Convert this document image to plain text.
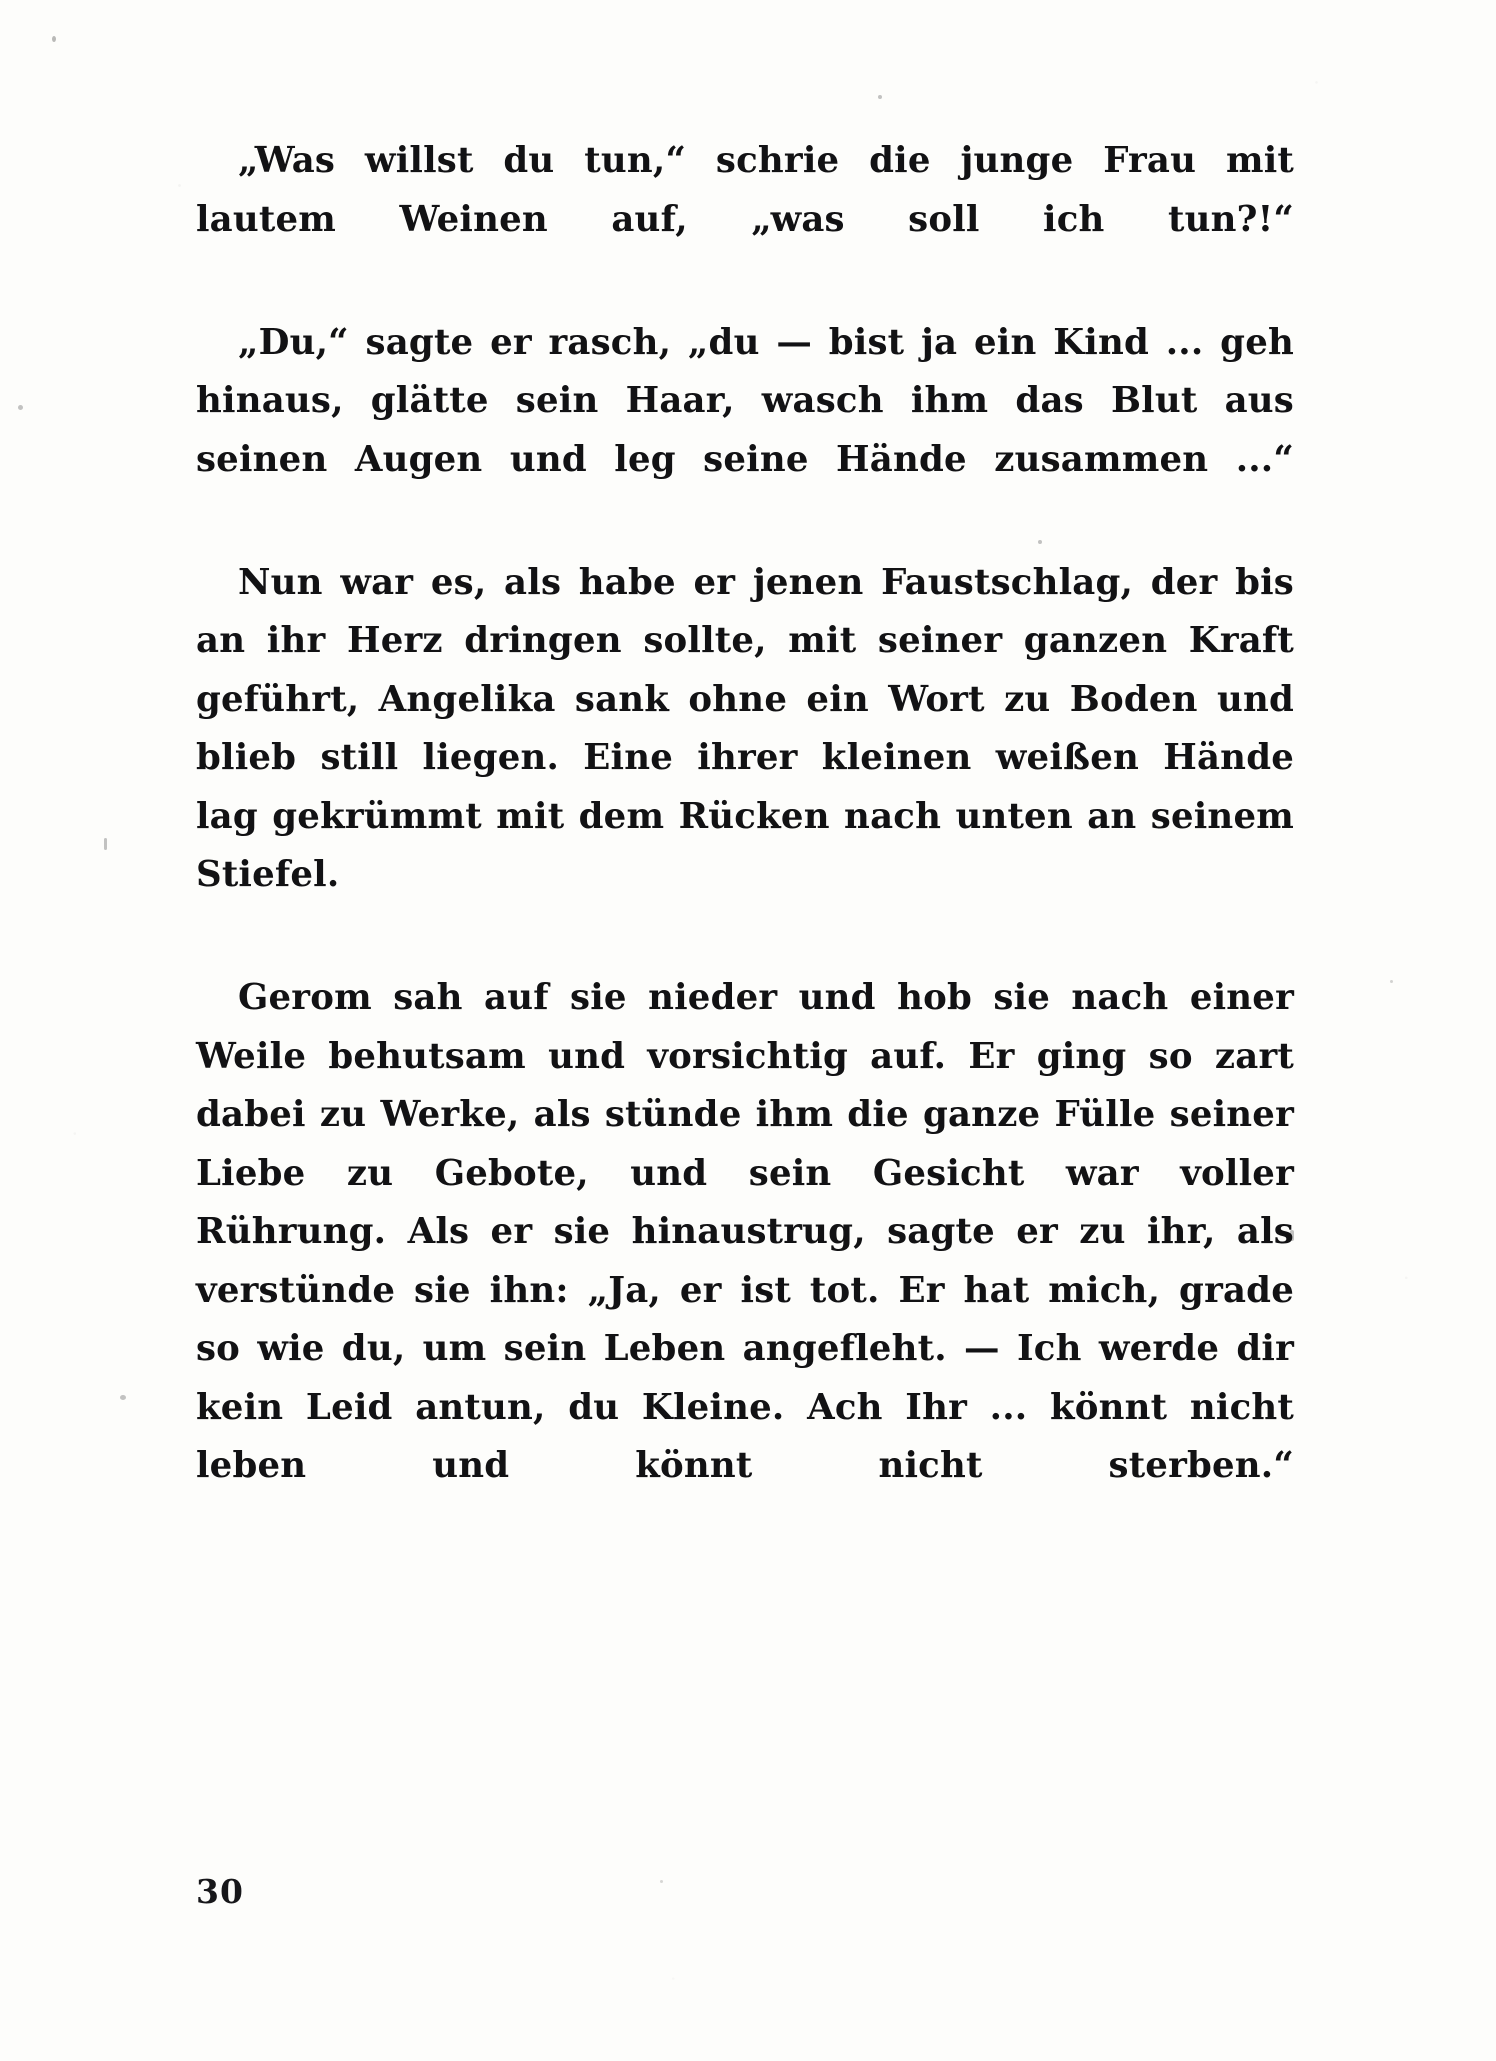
„Was willst du tun,“ schrie die junge Frau mit lautem Weinen auf, „was soll ich tun?!“

„Du,“ sagte er rasch, „du — bist ja ein Kind ... geh hinaus, glätte sein Haar, wasch ihm das Blut aus seinen Augen und leg seine Hände zusammen ...“

Nun war es, als habe er jenen Faustschlag, der bis an ihr Herz dringen sollte, mit seiner ganzen Kraft geführt, Angelika sank ohne ein Wort zu Boden und blieb still liegen. Eine ihrer kleinen weißen Hände lag gekrümmt mit dem Rücken nach unten an seinem Stiefel.

Gerom sah auf sie nieder und hob sie nach einer Weile behutsam und vorsichtig auf. Er ging so zart dabei zu Werke, als stünde ihm die ganze Fülle seiner Liebe zu Gebote, und sein Gesicht war voller Rührung. Als er sie hinaustrug, sagte er zu ihr, als verstünde sie ihn: „Ja, er ist tot. Er hat mich, grade so wie du, um sein Leben angefleht. — Ich werde dir kein Leid antun, du Kleine. Ach Ihr ... könnt nicht leben und könnt nicht sterben.“

30
